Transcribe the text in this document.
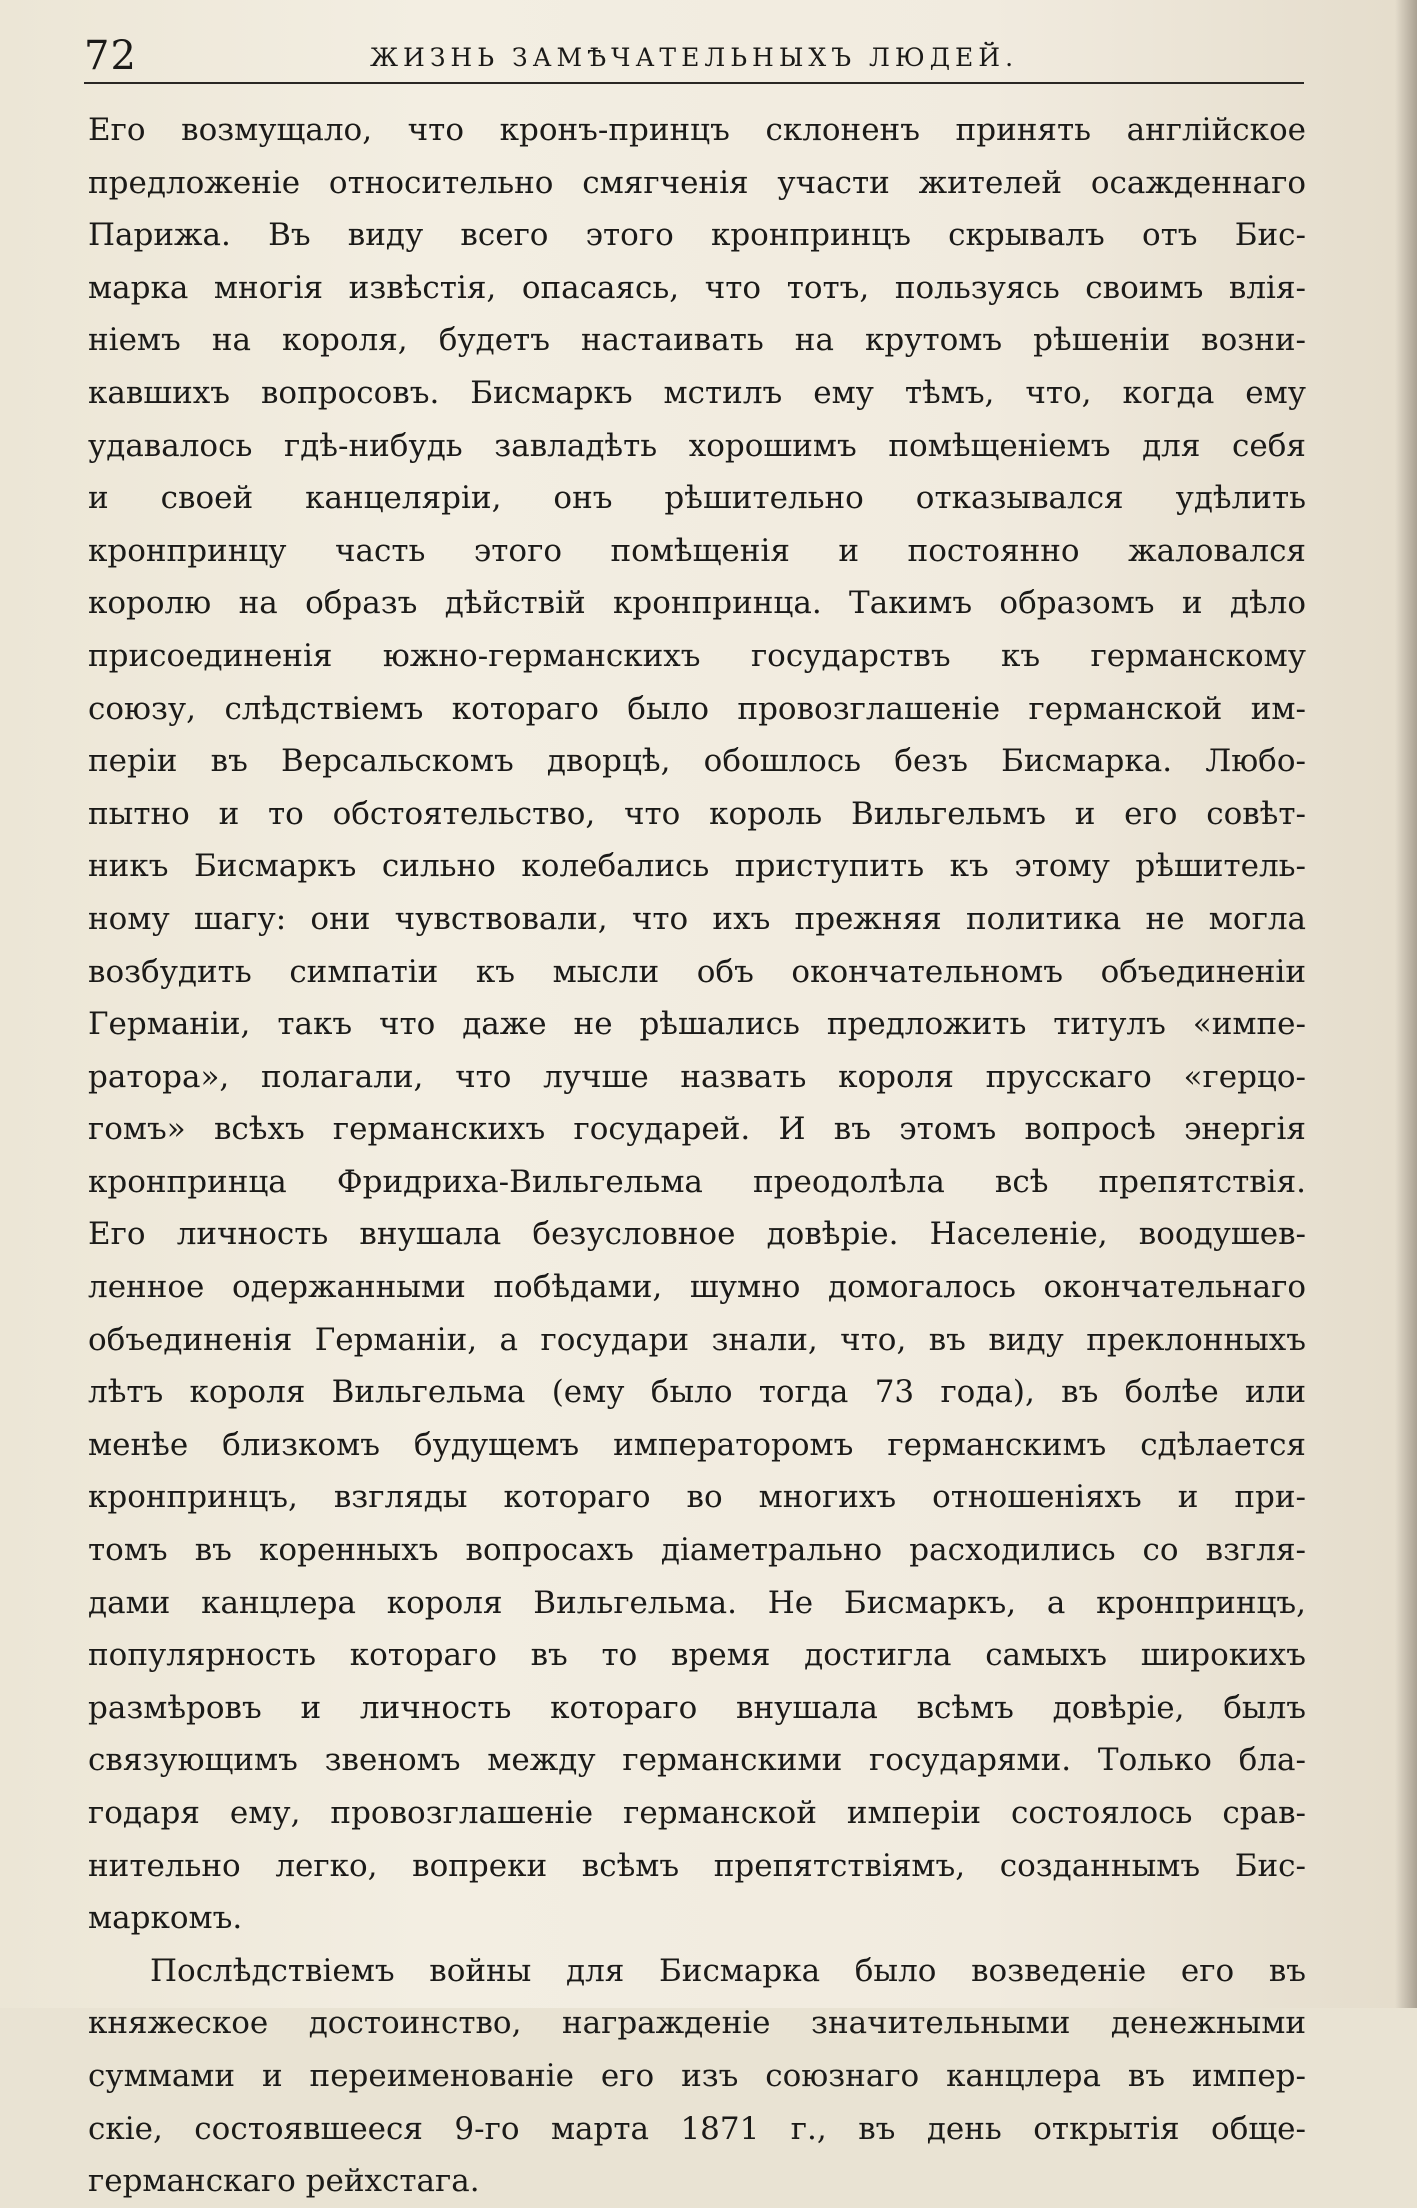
72	ЖИЗНЬ ЗАМѢЧАТЕЛЬНЫХЪ ЛЮДЕЙ.
Его возмущало, что кронъ-принцъ склоненъ принять англійское
предложеніе относительно смягченія участи жителей осажденнаго
Парижа. Въ виду всего этого кронпринцъ скрывалъ отъ Бис-
марка многія извѣстія, опасаясь, что тотъ, пользуясь своимъ влія-
ніемъ на короля, будетъ настаивать на крутомъ рѣшеніи возни-
кавшихъ вопросовъ. Бисмаркъ мстилъ ему тѣмъ, что, когда ему
удавалось гдѣ-нибудь завладѣть хорошимъ помѣщеніемъ для себя
и своей канцеляріи, онъ рѣшительно отказывался удѣлить
кронпринцу часть этого помѣщенія и постоянно жаловался
королю на образъ дѣйствій кронпринца. Такимъ образомъ и дѣло
присоединенія южно-германскихъ государствъ къ германскому
союзу, слѣдствіемъ котораго было провозглашеніе германской им-
періи въ Версальскомъ дворцѣ, обошлось безъ Бисмарка. Любо-
пытно и то обстоятельство, что король Вильгельмъ и его совѣт-
никъ Бисмаркъ сильно колебались приступить къ этому рѣшитель-
ному шагу: они чувствовали, что ихъ прежняя политика не могла
возбудить симпатіи къ мысли объ окончательномъ объединеніи
Германіи, такъ что даже не рѣшались предложить титулъ «импе-
ратора», полагали, что лучше назвать короля прусскаго «герцо-
гомъ» всѣхъ германскихъ государей. И въ этомъ вопросѣ энергія
кронпринца Фридриха-Вильгельма преодолѣла всѣ препятствія.
Его личность внушала безусловное довѣріе. Населеніе, воодушев-
ленное одержанными побѣдами, шумно домогалось окончательнаго
объединенія Германіи, а государи знали, что, въ виду преклонныхъ
лѣтъ короля Вильгельма (ему было тогда 73 года), въ болѣе или
менѣе близкомъ будущемъ императоромъ германскимъ сдѣлается
кронпринцъ, взгляды котораго во многихъ отношеніяхъ и при-
томъ въ коренныхъ вопросахъ діаметрально расходились со взгля-
дами канцлера короля Вильгельма. Не Бисмаркъ, а кронпринцъ,
популярность котораго въ то время достигла самыхъ широкихъ
размѣровъ и личность котораго внушала всѣмъ довѣріе, былъ
связующимъ звеномъ между германскими государями. Только бла-
годаря ему, провозглашеніе германской имперіи состоялось срав-
нительно легко, вопреки всѣмъ препятствіямъ, созданнымъ Бис-
маркомъ.
Послѣдствіемъ войны для Бисмарка было возведеніе его въ
княжеское достоинство, награжденіе значительными денежными
суммами и переименованіе его изъ союзнаго канцлера въ импер-
скіе, состоявшееся 9-го марта 1871 г., въ день открытія обще-
германскаго рейхстага.
